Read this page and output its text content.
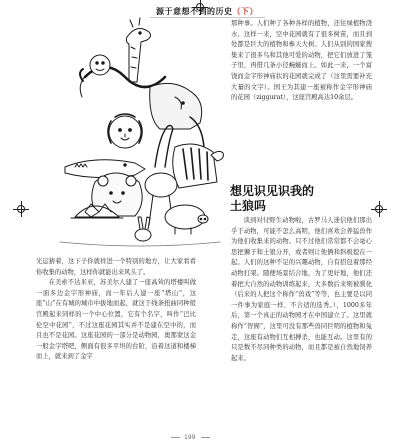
源于意想不到的历史（下）

那种事。人们种了各种各样的植物，还往绿植物浇水，这样一来，空中花园就有了很多树苗，而且到处都是巨大的植物和参天大树。人们从别的国家搜集来了很多鸟和其他可爱的动物，把它们放进了笼子里，再借几条小径蜿蜒而上。如此一来，一个富饶而金字形神庙状的花园就完成了（这里需要补充大量的文字）。国王为其建一座被称作金字形神庙的花园（ziggurat），这座宫殿高达10余层。

想见识见识我的
土狼吗

光运猜着，这下子你就样进一个特别的地方，让大家看看你收集的动物，这样你就能出来风头了。

在美索不达米亚，苏美尔人建了一座高耸的塔楼叫做一面多边金字形神庙，而一年后人建一座“塔山”，这座“山”在有城的城市中拔地而起，就这于线条扭曲同种般宫殿起来同样的一个中心位置，它有个名字，叫作“巴比伦空中花园”，不过这座花园其实并不是建在空中的，而且也不是花园。这座花园的一部分是动物园，奥那蒙这金一般金字塔吧，侧面有很多平坦的台阶，沿着这道和楼梯而上，就来到了金字

谈到对付野生动物啦，古罗马人迷信他们那出乎于动物，可能不怎么高明，他们喜欢会养猛兽作为他们收集来的动物。只不过他们常常都不会毫心思把狮子和土狼分开，或者则让他俩和斜极提在一起。人们的这种不足的兴趣动物，自有招包着那经动物打架。随便场景结合地，为了更好地，他们还着把大自然的动物训练起来，大多数后来则被驯化（后来的人把这个称作“兽戏”等等，也主要是以同一件事为家庭一样、不合适的选秀。），1000多年后，第一个真正的动物园才在中国建立了。这里就称作“智囿”，这里可没有那些兽同巨明的植物和兔走，这座有动物们互相搏杀，也能互动。这里有的只是数不尽同种类的动物，而且都是被自然地饲养起来。

199
